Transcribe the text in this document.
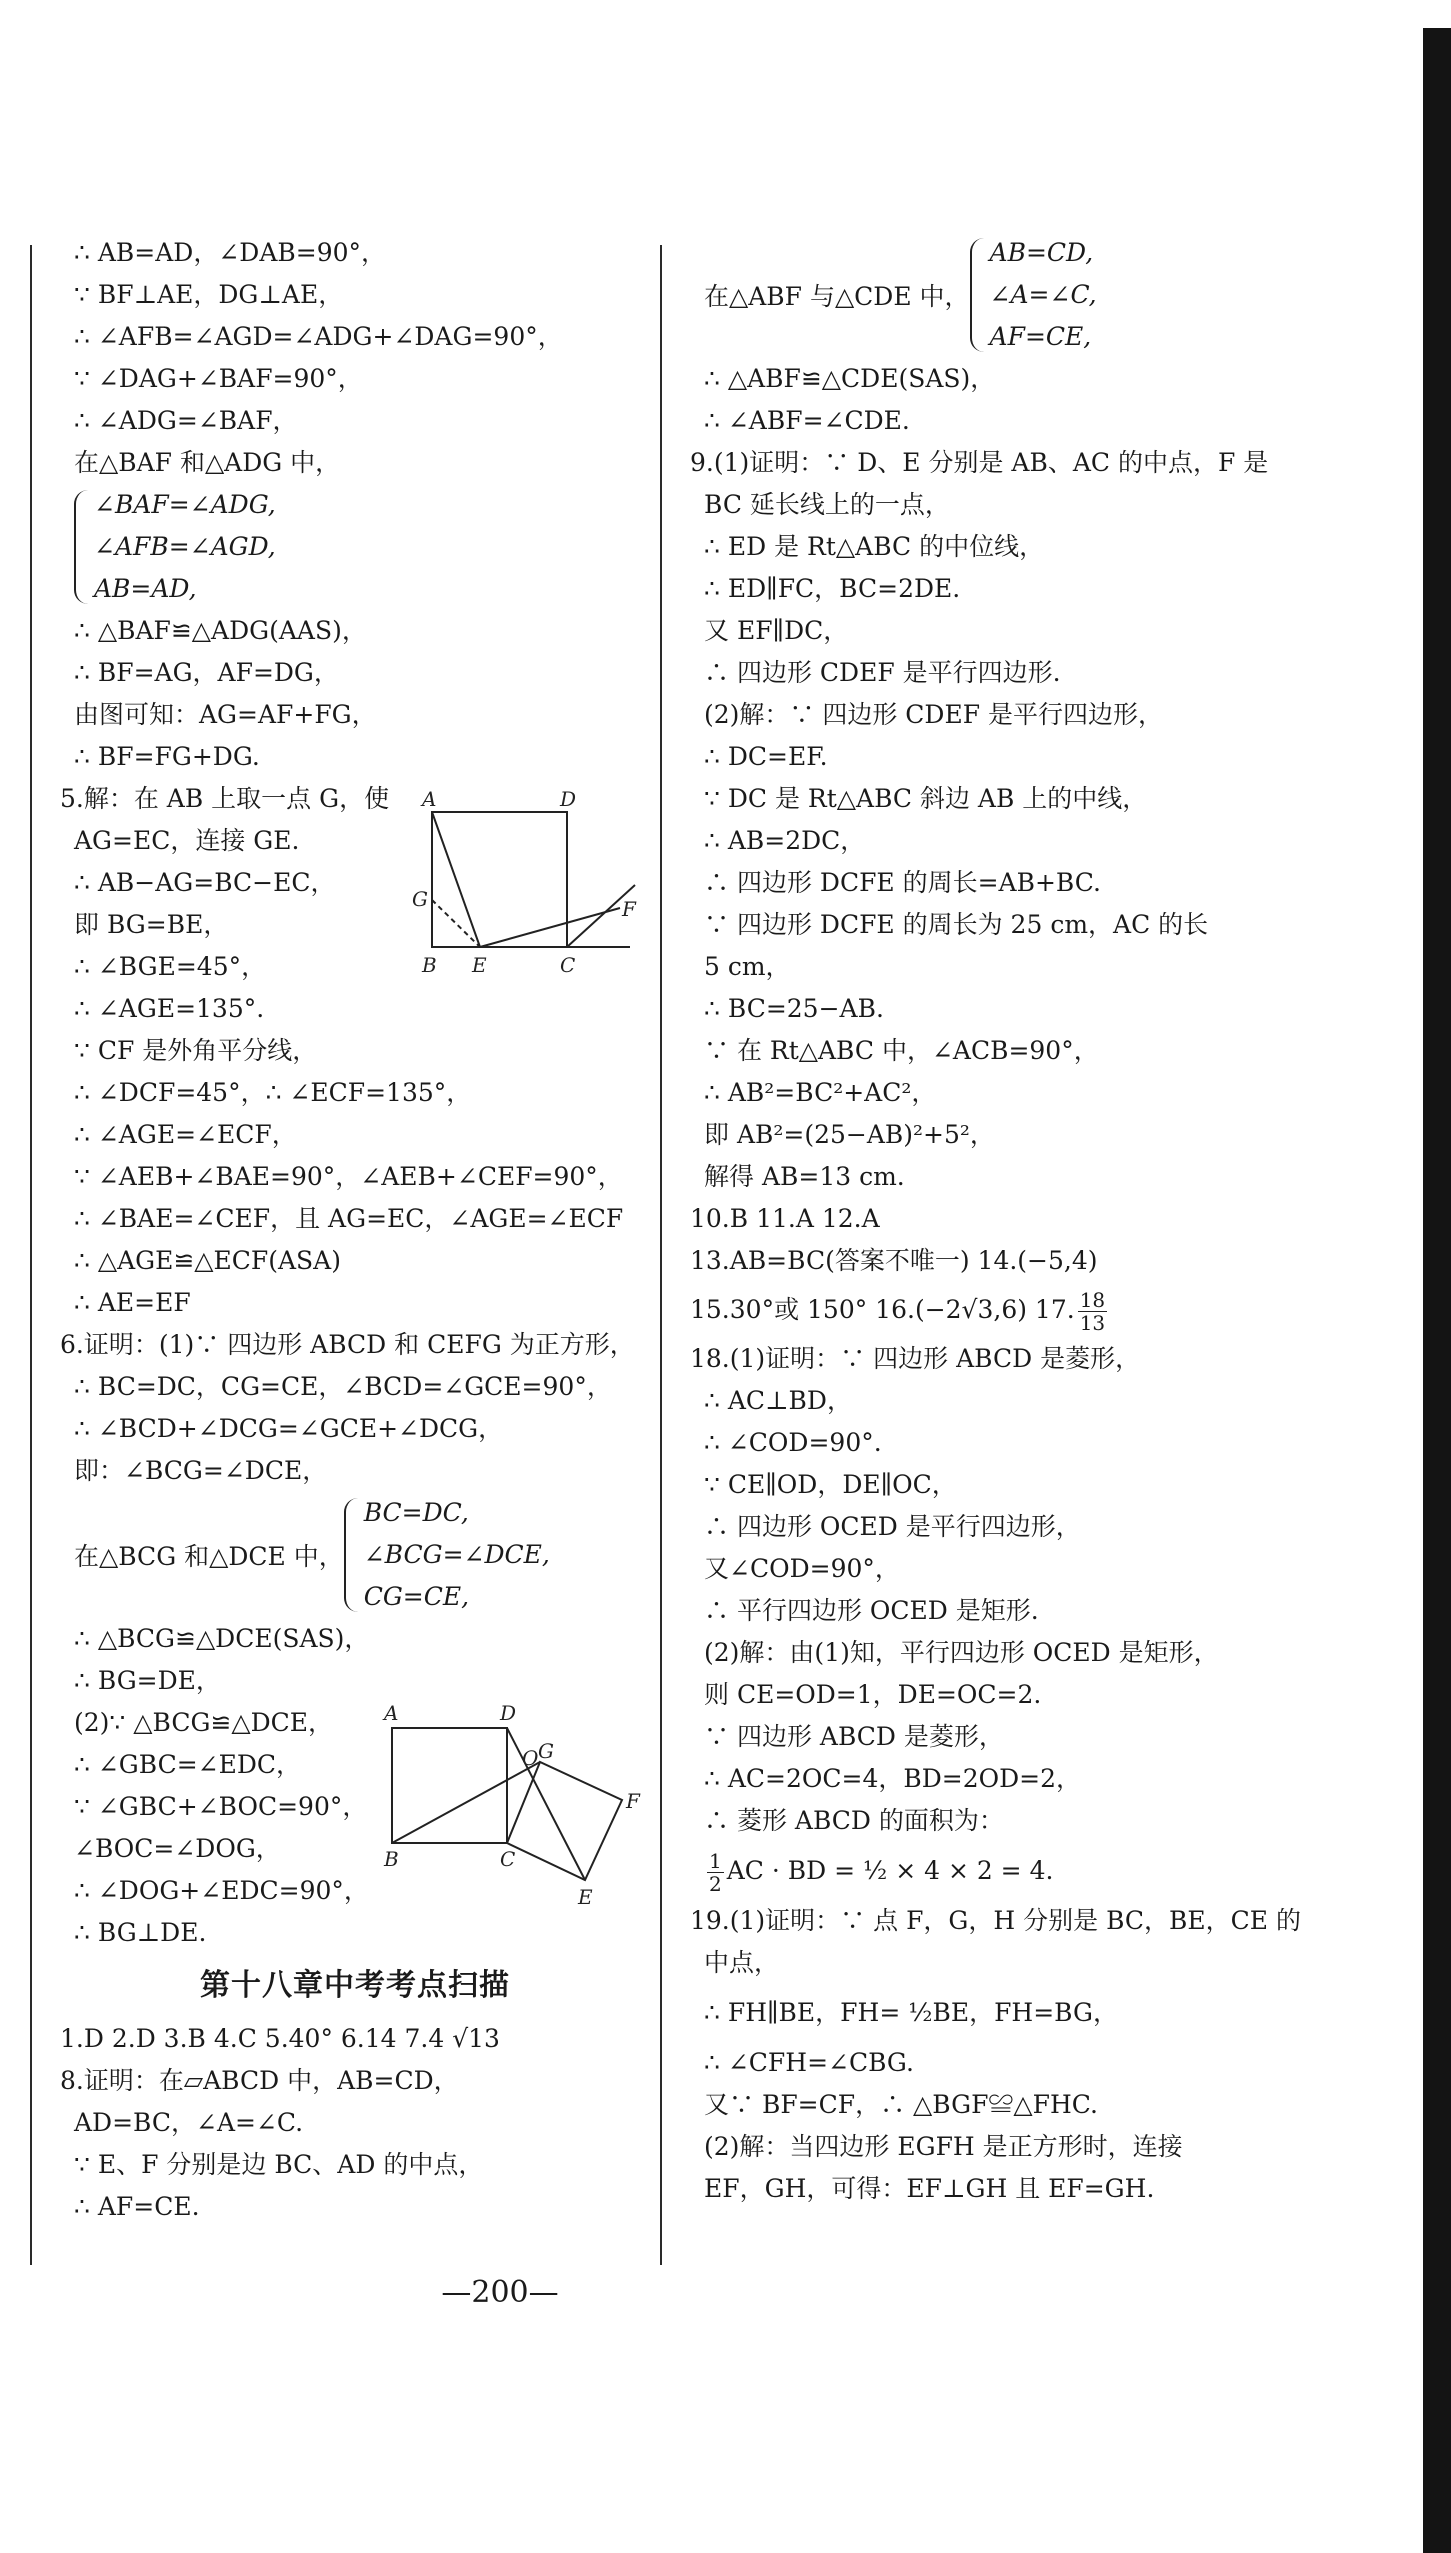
∴ AB=AD，∠DAB=90°，
∵ BF⊥AE，DG⊥AE，
∴ ∠AFB=∠AGD=∠ADG+∠DAG=90°，
∵ ∠DAG+∠BAF=90°，
∴ ∠ADG=∠BAF，
在△BAF 和△ADG 中，
∠BAF=∠ADG,
∠AFB=∠AGD,
AB=AD,
∴ △BAF≌△ADG(AAS)，
∴ BF=AG，AF=DG，
由图可知：AG=AF+FG，
∴ BF=FG+DG.
5.解：在 AB 上取一点 G，使
AG=EC，连接 GE.
∴ AB−AG=BC−EC，
即 BG=BE，
∴ ∠BGE=45°，
∴ ∠AGE=135°.
∵ CF 是外角平分线，
∴ ∠DCF=45°，∴ ∠ECF=135°，
∴ ∠AGE=∠ECF，
∵ ∠AEB+∠BAE=90°，∠AEB+∠CEF=90°，
∴ ∠BAE=∠CEF，且 AG=EC，∠AGE=∠ECF
∴ △AGE≌△ECF(ASA)
∴ AE=EF
6.证明：(1)∵ 四边形 ABCD 和 CEFG 为正方形，
∴ BC=DC，CG=CE，∠BCD=∠GCE=90°，
∴ ∠BCD+∠DCG=∠GCE+∠DCG，
即：∠BCG=∠DCE，
在△BCG 和△DCE 中，
BC=DC,
∠BCG=∠DCE,
CG=CE,
∴ △BCG≌△DCE(SAS)，
∴ BG=DE，
(2)∵ △BCG≌△DCE，
∴ ∠GBC=∠EDC，
∵ ∠GBC+∠BOC=90°，
∠BOC=∠DOG，
∴ ∠DOG+∠EDC=90°，
∴ BG⊥DE.
第十八章中考考点扫描
1.D 2.D 3.B 4.C 5.40° 6.14 7.4 √13
8.证明：在▱ABCD 中，AB=CD，
AD=BC，∠A=∠C.
∵ E、F 分别是边 BC、AD 的中点，
∴ AF=CE.
A	D
G
B E	C
F
A	D
O G
F
B	C
E
在△ABF 与△CDE 中，
AB=CD,
∠A=∠C,
AF=CE,
∴ △ABF≌△CDE(SAS)，
∴ ∠ABF=∠CDE.
9.(1)证明：∵ D、E 分别是 AB、AC 的中点，F 是
BC 延长线上的一点，
∴ ED 是 Rt△ABC 的中位线，
∴ ED∥FC，BC=2DE.
又 EF∥DC，
∴ 四边形 CDEF 是平行四边形.
(2)解：∵ 四边形 CDEF 是平行四边形，
∴ DC=EF.
∵ DC 是 Rt△ABC 斜边 AB 上的中线，
∴ AB=2DC，
∴ 四边形 DCFE 的周长=AB+BC.
∵ 四边形 DCFE 的周长为 25 cm，AC 的长
5 cm，
∴ BC=25−AB.
∵ 在 Rt△ABC 中，∠ACB=90°，
∴ AB²=BC²+AC²，
即 AB²=(25−AB)²+5²，
解得 AB=13 cm.
10.B 11.A 12.A
13.AB=BC(答案不唯一) 14.(−5,4)
15.30°或 150° 16.(−2√3,6) 17. $\frac{18}{13}$
18.(1)证明：∵ 四边形 ABCD 是菱形，
∴ AC⊥BD，
∴ ∠COD=90°.
∵ CE∥OD，DE∥OC，
∴ 四边形 OCED 是平行四边形，
又∠COD=90°，
∴ 平行四边形 OCED 是矩形.
(2)解：由(1)知，平行四边形 OCED 是矩形，
则 CE=OD=1，DE=OC=2.
∵ 四边形 ABCD 是菱形，
∴ AC=2OC=4，BD=2OD=2，
∴ 菱形 ABCD 的面积为：
$\frac{1}{2}$ AC · BD = ½ × 4 × 2 = 4.
19.(1)证明：∵ 点 F，G，H 分别是 BC，BE，CE 的
中点，
∴ FH∥BE，FH= ½BE，FH=BG，
∴ ∠CFH=∠CBG.
又∵ BF=CF，∴ △BGF≌△FHC.
(2)解：当四边形 EGFH 是正方形时，连接
EF，GH，可得：EF⊥GH 且 EF=GH.
—200—
